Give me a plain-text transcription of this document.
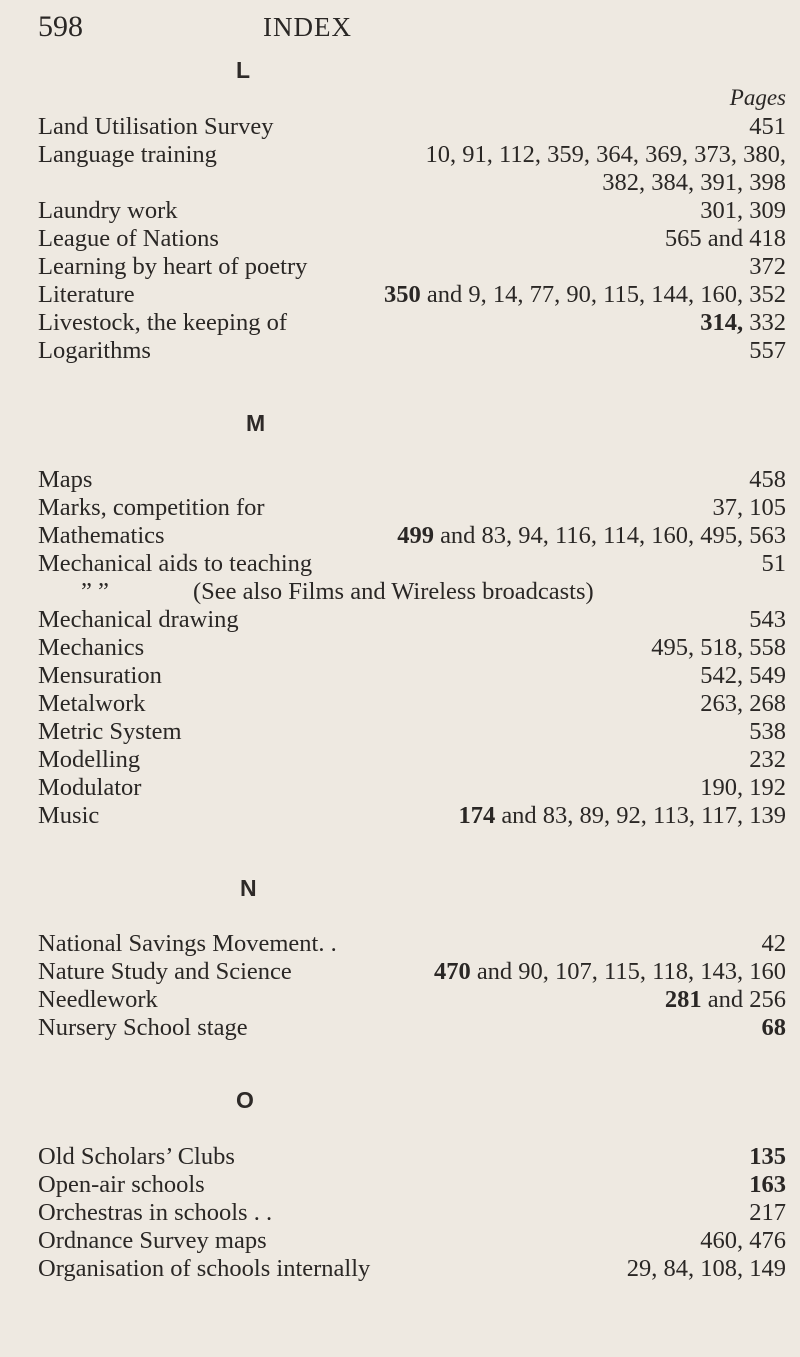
598	INDEX
L
Pages
Land Utilisation Survey	451
Language training	10, 91, 112, 359, 364, 369, 373, 380,
382, 384, 391, 398
Laundry work	301, 309
League of Nations	565 and 418
Learning by heart of poetry	372
Literature	350 and 9, 14, 77, 90, 115, 144, 160, 352
Livestock, the keeping of	314, 332
Logarithms	557
M
Maps	458
Marks, competition for	37, 105
Mathematics	499 and 83, 94, 116, 114, 160, 495, 563
Mechanical aids to teaching	51
” ”	(See also Films and Wireless broadcasts)
Mechanical drawing	543
Mechanics	495, 518, 558
Mensuration	542, 549
Metalwork	263, 268
Metric System	538
Modelling	232
Modulator	190, 192
Music	174 and 83, 89, 92, 113, 117, 139
N
National Savings Movement. .	42
Nature Study and Science	470 and 90, 107, 115, 118, 143, 160
Needlework	281 and 256
Nursery School stage	68
O
Old Scholars’ Clubs	135
Open-air schools	163
Orchestras in schools . .	217
Ordnance Survey maps	460, 476
Organisation of schools internally	29, 84, 108, 149
